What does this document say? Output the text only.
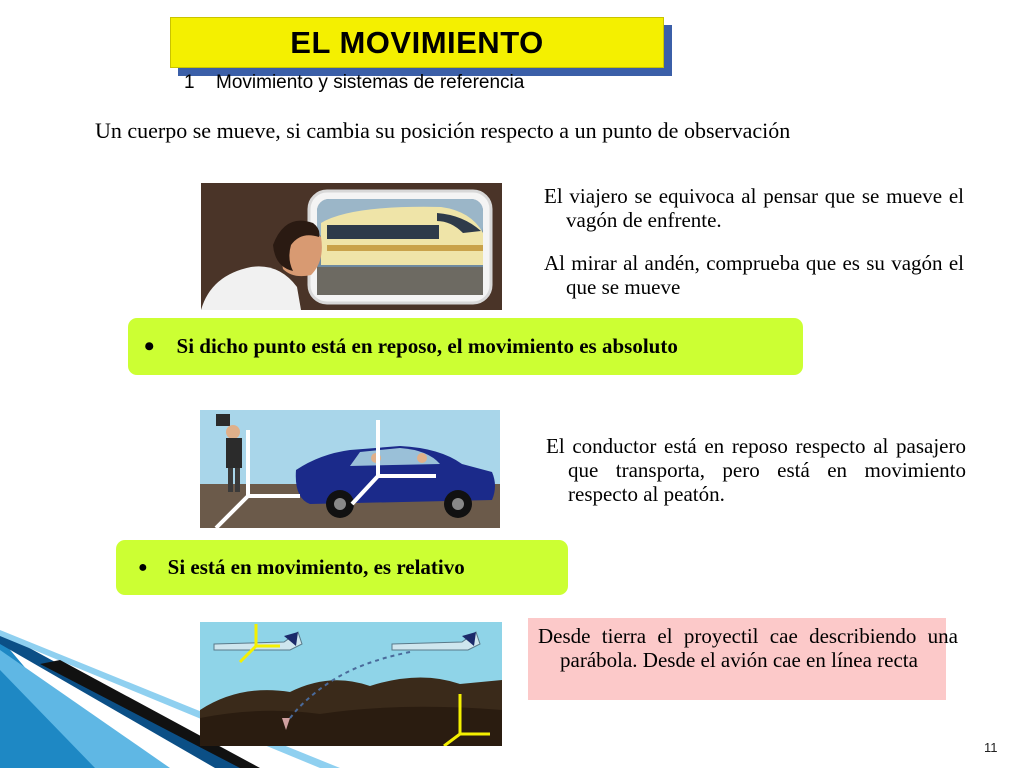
EL MOVIMIENTO
1 Movimiento y sistemas de referencia
Un cuerpo se mueve, si cambia su posición respecto a un punto de observación
El viajero se equivoca al pensar que se mueve el vagón de enfrente.
Al mirar al andén, comprueba que es su vagón el que se mueve
• Si dicho punto está en reposo, el movimiento es absoluto
El conductor está en reposo respecto al pasajero que transporta, pero está en movimiento respecto al peatón.
● Si está en movimiento, es relativo
Desde tierra el proyectil cae describiendo una parábola. Desde el avión cae en línea recta
11
